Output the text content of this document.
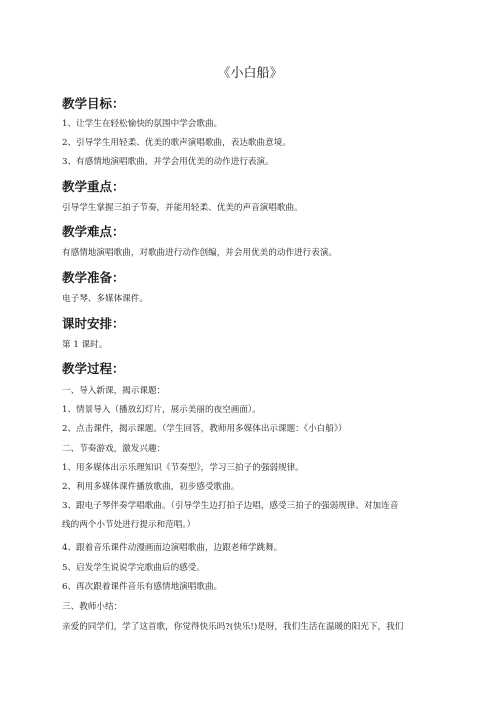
《小白船》
教学目标：
1、让学生在轻松愉快的氛围中学会歌曲。
2、引导学生用轻柔、优美的歌声演唱歌曲，表达歌曲意境。
3、有感情地演唱歌曲，并学会用优美的动作进行表演。
教学重点：
引导学生掌握三拍子节奏，并能用轻柔、优美的声音演唱歌曲。
教学难点：
有感情地演唱歌曲，对歌曲进行动作创编，并会用优美的动作进行表演。
教学准备：
电子琴、多媒体课件。
课时安排：
第 1 课时。
教学过程：
一、导入新课，揭示课题：
1、情景导入（播放幻灯片，展示美丽的夜空画面）。
2、点击课件，揭示课题。（学生回答，教师用多媒体出示课题：《小白船》）
二、节奏游戏，激发兴趣：
1、用多媒体出示乐理知识《节奏型》，学习三拍子的强弱规律。
2、利用多媒体课件播放歌曲，初步感受歌曲。
3、跟电子琴伴奏学唱歌曲。（引导学生边打拍子边唱，感受三拍子的强弱规律。对加连音
线的两个小节处进行提示和范唱。）
4、跟着音乐课件动漫画面边演唱歌曲，边跟老师学跳舞。
5、启发学生说说学完歌曲后的感受。
6、再次跟着课件音乐有感情地演唱歌曲。
三、教师小结：
亲爱的同学们，学了这首歌，你觉得快乐吗?(快乐!)是呀，我们生活在温暖的阳光下，我们
